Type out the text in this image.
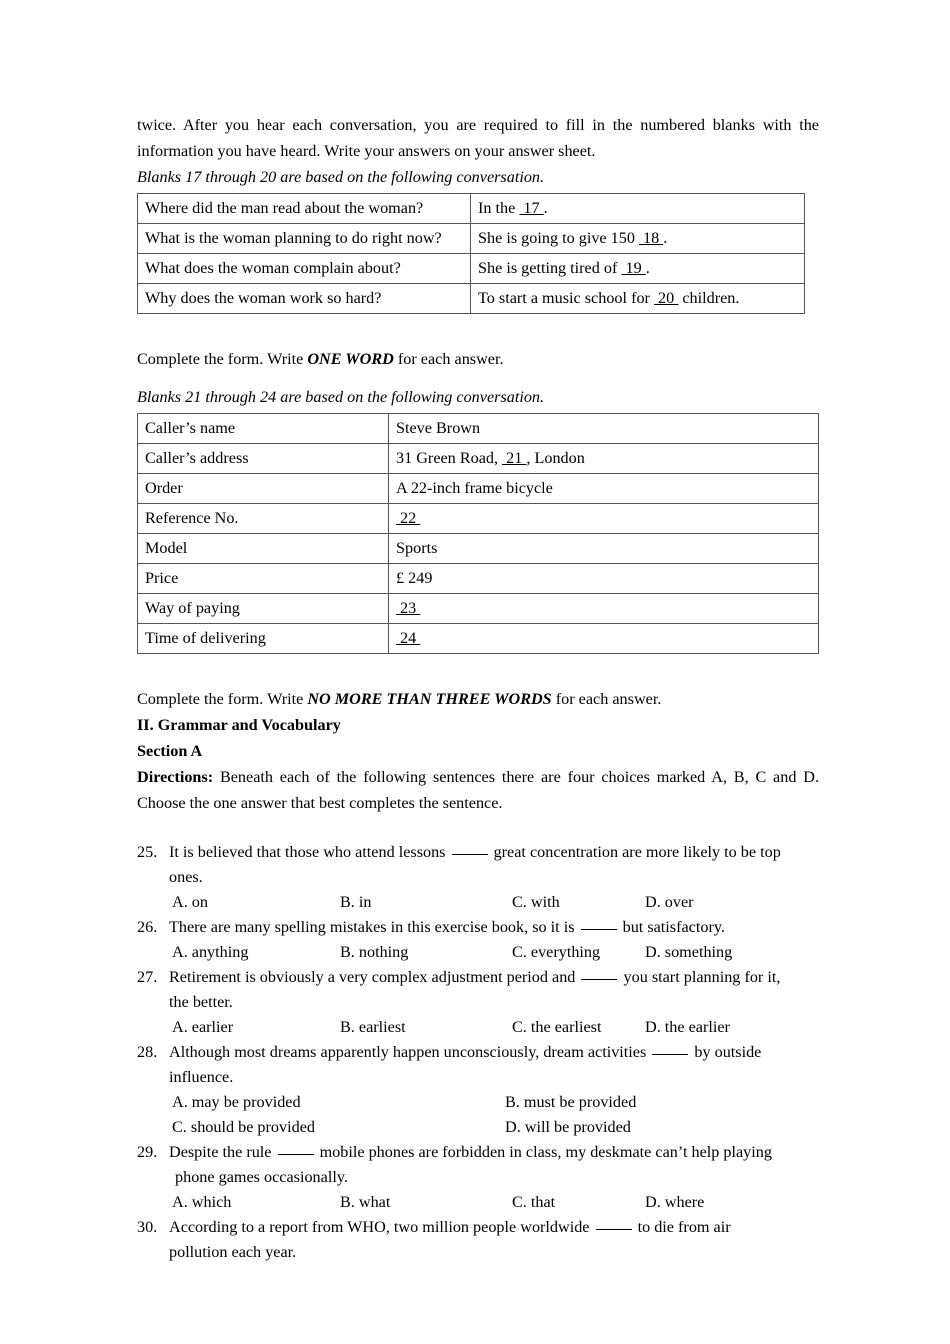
twice. After you hear each conversation, you are required to fill in the numbered blanks with the information you have heard. Write your answers on your answer sheet.

Blanks 17 through 20 are based on the following conversation.

Where did the man read about the woman?	In the  17 .
What is the woman planning to do right now?	She is going to give 150  18 .
What does the woman complain about?	She is getting tired of  19 .
Why does the woman work so hard?	To start a music school for  20  children.

Complete the form. Write ONE WORD for each answer.

Blanks 21 through 24 are based on the following conversation.

Caller’s name	Steve Brown
Caller’s address	31 Green Road,  21 , London
Order	A 22-inch frame bicycle
Reference No.	22
Model	Sports
Price	£ 249
Way of paying	23
Time of delivering	24

Complete the form. Write NO MORE THAN THREE WORDS for each answer.

II. Grammar and Vocabulary

Section A

Directions: Beneath each of the following sentences there are four choices marked A, B, C and D. Choose the one answer that best completes the sentence.

25. It is believed that those who attend lessons  great concentration are more likely to be top
ones.
A. on	B. in	C. with	D. over
26. There are many spelling mistakes in this exercise book, so it is  but satisfactory.
A. anything	B. nothing	C. everything	D. something
27. Retirement is obviously a very complex adjustment period and  you start planning for it,
the better.
A. earlier	B. earliest	C. the earliest	D. the earlier
28. Although most dreams apparently happen unconsciously, dream activities  by outside
influence.
A. may be provided	B. must be provided
C. should be provided	D. will be provided
29. Despite the rule  mobile phones are forbidden in class, my deskmate can’t help playing
phone games occasionally.
A. which	B. what	C. that	D. where
30. According to a report from WHO, two million people worldwide  to die from air
pollution each year.
